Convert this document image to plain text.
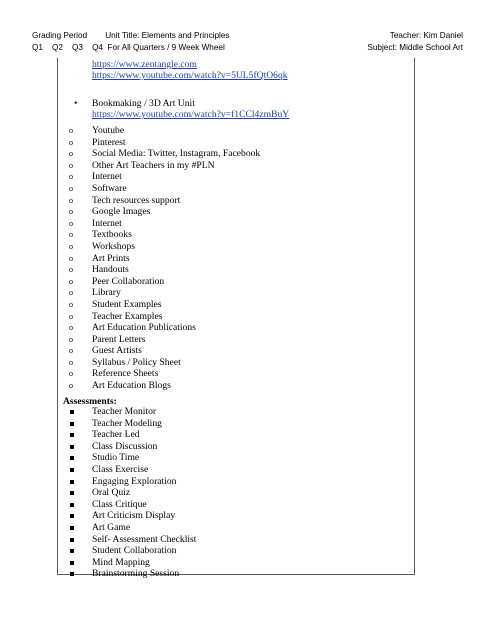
Grading Period        Unit Title: Elements and Principles
Q1    Q2    Q3    Q4  For All Quarters / 9 Week Wheel
Teacher: Kim Daniel
Subject: Middle School Art
https://www.zentangle.com
https://www.youtube.com/watch?v=5UL5fQtO6qk
•	Bookmaking / 3D Art Unit
https://www.youtube.com/watch?v=f1CCl4zmBuY
o Youtube
o Pinterest
o Social Media: Twitter, Instagram, Facebook
o Other Art Teachers in my #PLN
o Internet
o Software
o Tech resources support
o Google Images
o Internet
o Textbooks
o Workshops
o Art Prints
o Handouts
o Peer Collaboration
o Library
o Student Examples
o Teacher Examples
o Art Education Publications
o Parent Letters
o Guest Artists
o Syllabus / Policy Sheet
o Reference Sheets
o Art Education Blogs
Assessments:
Teacher Monitor
Teacher Modeling
Teacher Led
Class Discussion
Studio Time
Class Exercise
Engaging Exploration
Oral Quiz
Class Critique
Art Criticism Display
Art Game
Self- Assessment Checklist
Student Collaboration
Mind Mapping
Brainstorming Session
